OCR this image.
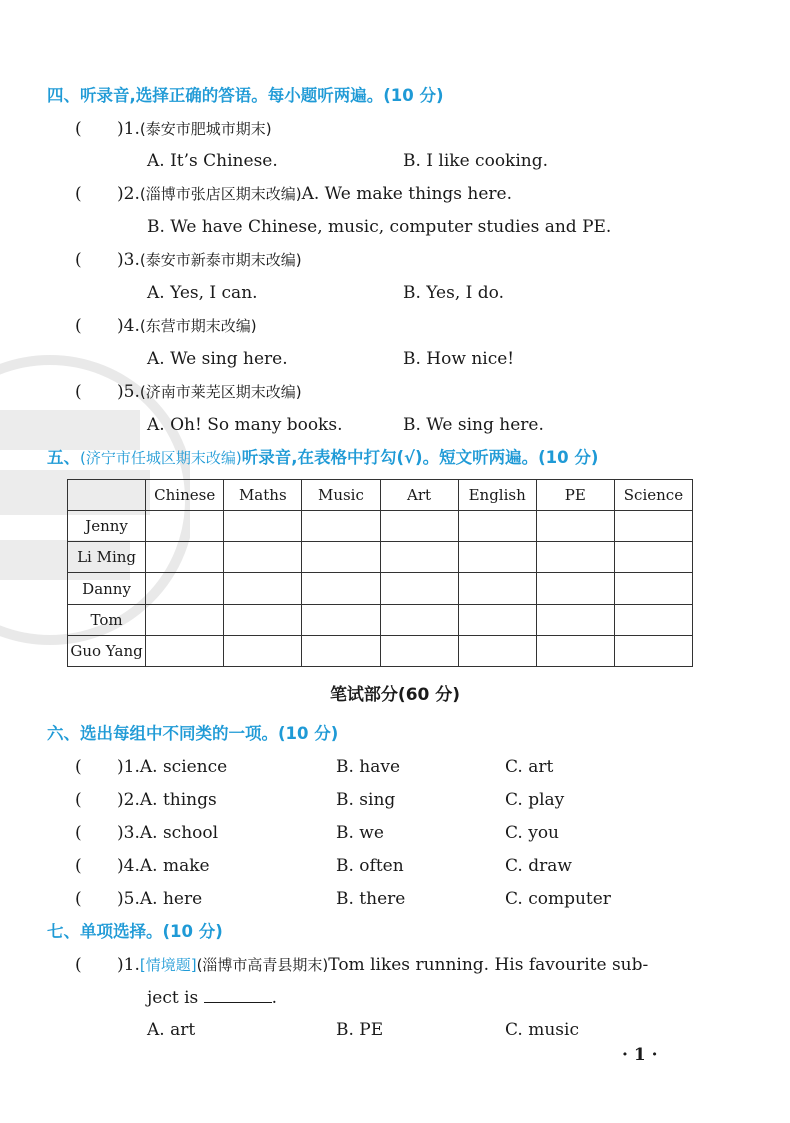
四、听录音,选择正确的答语。每小题听两遍。(10 分)
( )1.(泰安市肥城市期末)
A. It’s Chinese.	B. I like cooking.
( )2.(淄博市张店区期末改编)A. We make things here.
B. We have Chinese, music, computer studies and PE.
( )3.(泰安市新泰市期末改编)
A. Yes, I can.	B. Yes, I do.
( )4.(东营市期末改编)
A. We sing here.	B. How nice!
( )5.(济南市莱芜区期末改编)
A. Oh! So many books.	B. We sing here.
五、(济宁市任城区期末改编)听录音,在表格中打勾(√)。短文听两遍。(10 分)
	Chinese	Maths	Music	Art	English	PE	Science
Jenny							
Li Ming							
Danny							
Tom							
Guo Yang							
笔试部分(60 分)
六、选出每组中不同类的一项。(10 分)
( )1.A. science	B. have	C. art
( )2.A. things	B. sing	C. play
( )3.A. school	B. we	C. you
( )4.A. make	B. often	C. draw
( )5.A. here	B. there	C. computer
七、单项选择。(10 分)
( )1.[情境题](淄博市高青县期末)Tom likes running. His favourite sub-
ject is	.
A. art	B. PE	C. music
· 1 ·
